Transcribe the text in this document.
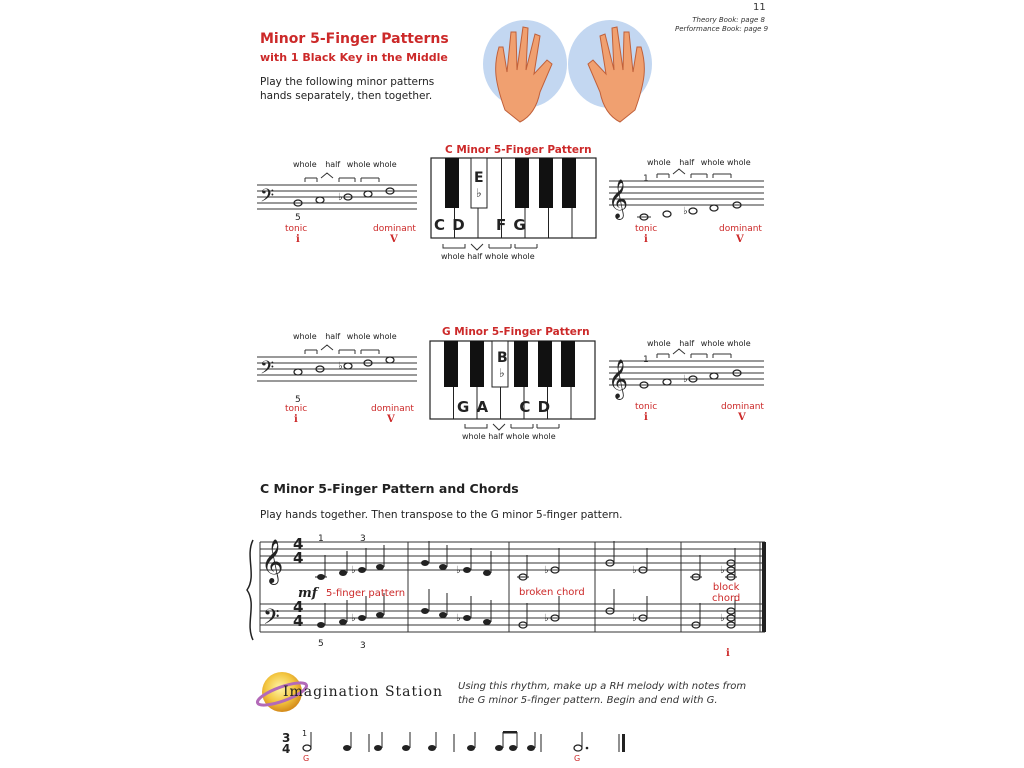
11
Theory Book: page 8
Performance Book: page 9
Minor 5-Finger Patterns
with 1 Black Key in the Middle
Play the following minor patterns
hands separately, then together.
whole half whole whole
𝄢	♭
5
tonic
i
dominant
V
C Minor 5-Finger Pattern
E
♭
C D F G
whole half whole whole
whole half whole whole
1
𝄞	♭
tonic
i
dominant
V
whole half whole whole
𝄢	♭
5
tonic
i
dominant
V
G Minor 5-Finger Pattern
B
♭
G A C D
whole half whole whole
whole half whole whole
1
𝄞	♭
tonic
i
dominant
V
C Minor 5-Finger Pattern and Chords
Play hands together. Then transpose to the G minor 5-finger pattern.
1	3
𝄞
𝄢
♭	♭	♭	♭	♭
♭	♭	♭	♭	♭
4
4
4
4
mf 5-finger pattern	broken chord	block
chord
5	3
i
Imagination Station Using this rhythm, make up a RH melody with notes from
the G minor 5-finger pattern. Begin and end with G.
3
4
1
G	G
